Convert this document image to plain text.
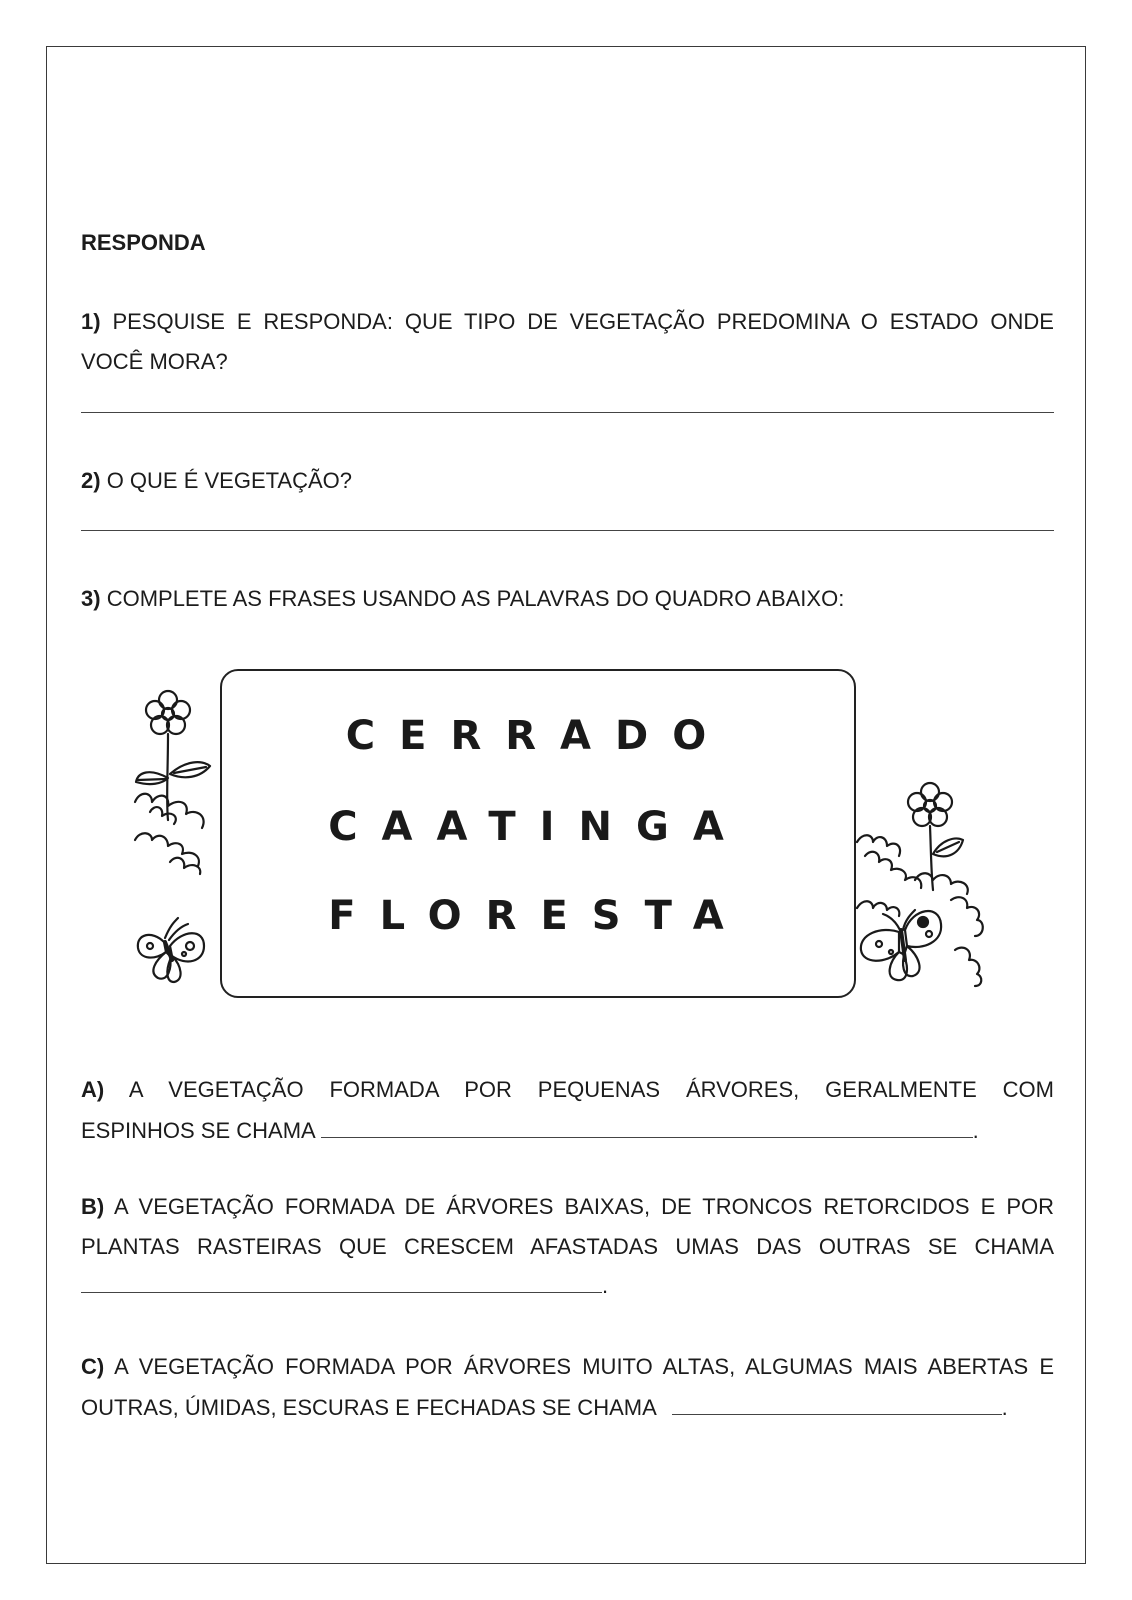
RESPONDA
1) PESQUISE E RESPONDA: QUE TIPO DE VEGETAÇÃO PREDOMINA O ESTADO ONDE
VOCÊ MORA?
2) O QUE É VEGETAÇÃO?
3) COMPLETE AS FRASES USANDO AS PALAVRAS DO QUADRO ABAIXO:
CERRADO
CAATINGA
FLORESTA
A) A VEGETAÇÃO FORMADA POR PEQUENAS ÁRVORES, GERALMENTE COM
ESPINHOS SE CHAMA	.
B) A VEGETAÇÃO FORMADA DE ÁRVORES BAIXAS, DE TRONCOS RETORCIDOS E POR
PLANTAS RASTEIRAS QUE CRESCEM AFASTADAS UMAS DAS OUTRAS SE CHAMA
.
C) A VEGETAÇÃO FORMADA POR ÁRVORES MUITO ALTAS, ALGUMAS MAIS ABERTAS E
OUTRAS, ÚMIDAS, ESCURAS E FECHADAS SE CHAMA	.
